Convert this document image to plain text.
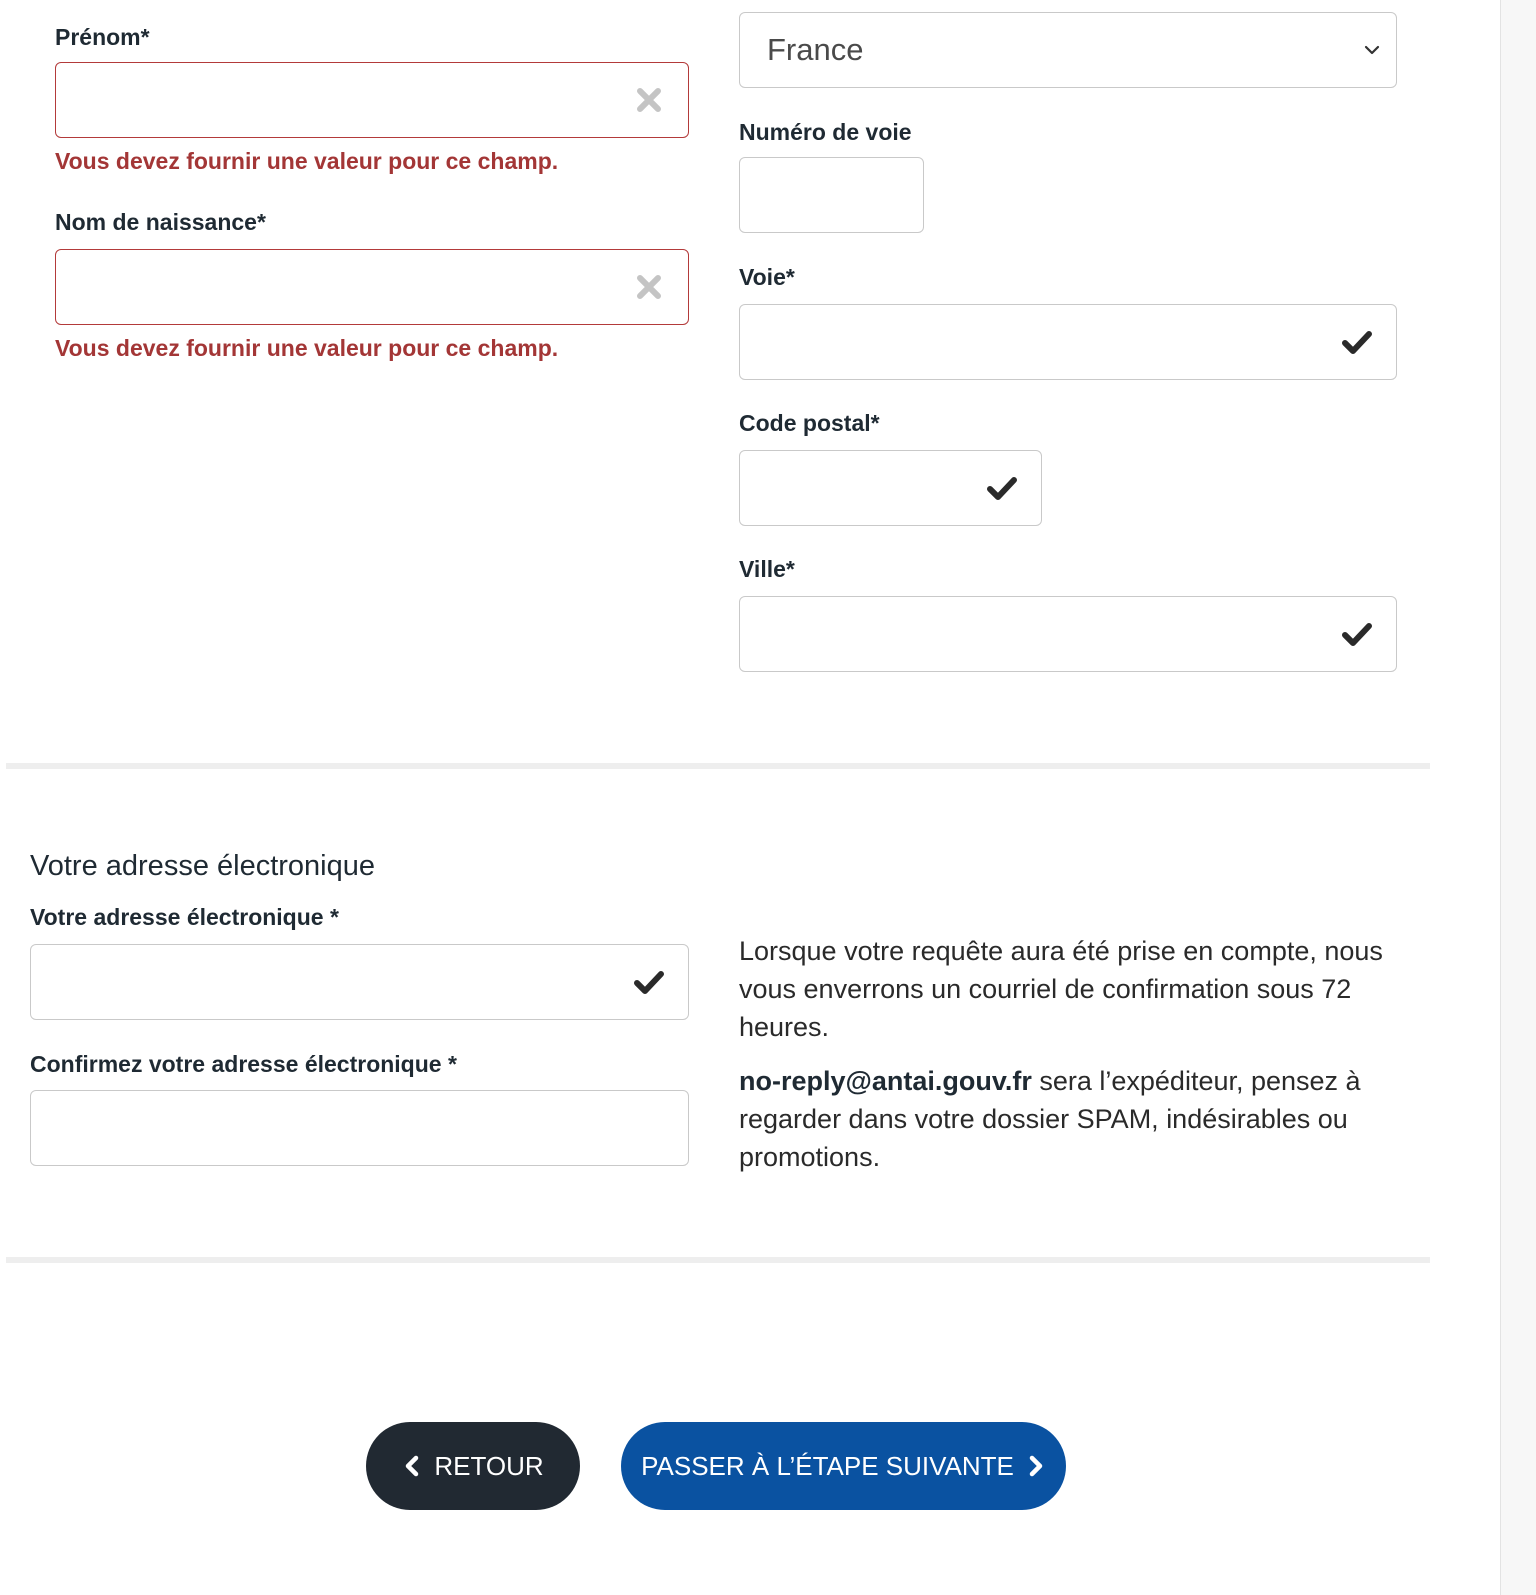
Prénom*
Vous devez fournir une valeur pour ce champ.
Nom de naissance*
Vous devez fournir une valeur pour ce champ.
France
Numéro de voie
Voie*
Code postal*
Ville*
Votre adresse électronique
Votre adresse électronique *
Confirmez votre adresse électronique *
Lorsque votre requête aura été prise en compte, nous vous enverrons un courriel de confirmation sous 72 heures.
no-reply@antai.gouv.fr sera l’expéditeur, pensez à regarder dans votre dossier SPAM, indésirables ou promotions.
RETOUR	PASSER À L’ÉTAPE SUIVANTE
